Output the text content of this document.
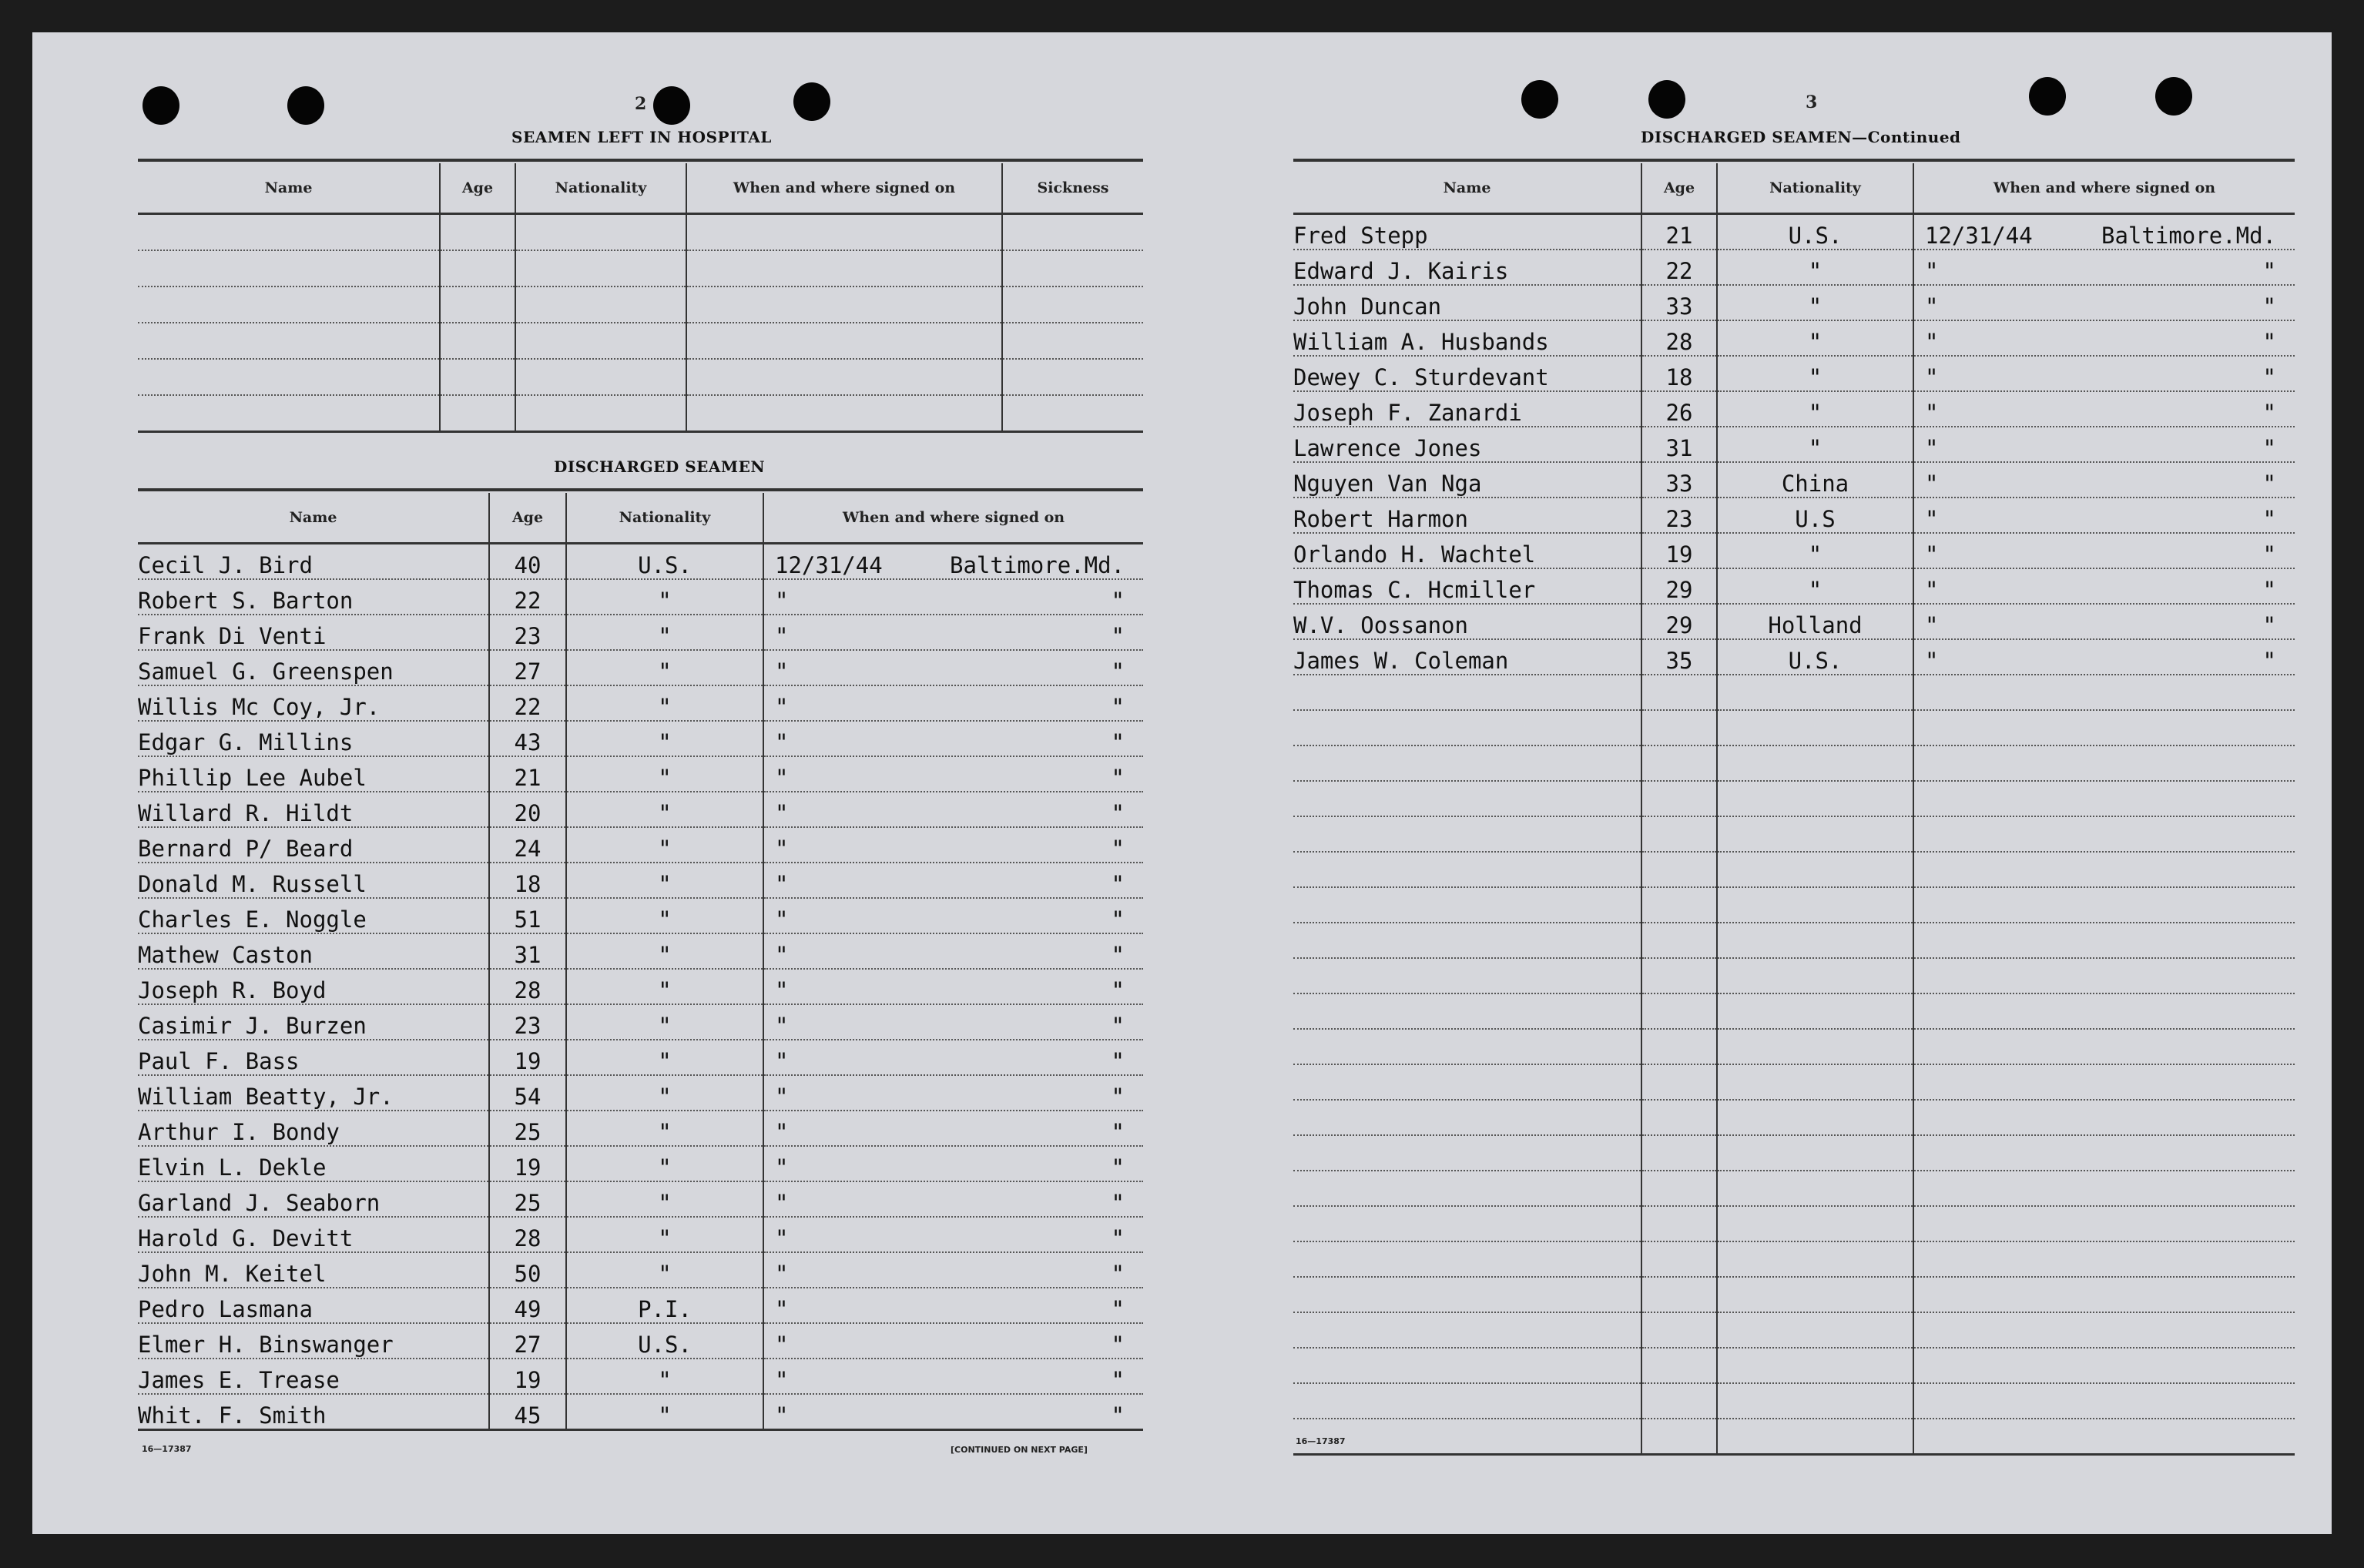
2
SEAMEN LEFT IN HOSPITAL
Name	Age	Nationality	When and where signed on	Sickness

DISCHARGED SEAMEN
Name	Age	Nationality	When and where signed on
Cecil J. Bird	40	U.S.	12/31/44 Baltimore.Md.

Robert S. Barton	22	"	" "

Frank Di Venti	23	"	" "

Samuel G. Greenspen	27	"	" "

Willis Mc Coy, Jr.	22	"	" "

Edgar G. Millins	43	"	" "

Phillip Lee Aubel	21	"	" "

Willard R. Hildt	20	"	" "

Bernard P/ Beard	24	"	" "

Donald M. Russell	18	"	" "

Charles E. Noggle	51	"	" "

Mathew Caston	31	"	" "

Joseph R. Boyd	28	"	" "

Casimir J. Burzen	23	"	" "

Paul F. Bass	19	"	" "

William Beatty, Jr.	54	"	" "

Arthur I. Bondy	25	"	" "

Elvin L. Dekle	19	"	" "

Garland J. Seaborn	25	"	" "

Harold G. Devitt	28	"	" "

John M. Keitel	50	"	" "

Pedro Lasmana	49	P.I.	" "

Elmer H. Binswanger	27	U.S.	" "

James E. Trease	19	"	" "

Whit. F. Smith	45	"	" "
16—17387	[CONTINUED ON NEXT PAGE]
3
DISCHARGED SEAMEN—Continued
Name	Age	Nationality	When and where signed on
Fred Stepp	21	U.S.	12/31/44 Baltimore.Md.

Edward J. Kairis	22	"	" "

John Duncan	33	"	" "

William A. Husbands	28	"	" "

Dewey C. Sturdevant	18	"	" "

Joseph F. Zanardi	26	"	" "

Lawrence Jones	31	"	" "

Nguyen Van Nga	33	China	" "

Robert Harmon	23	U.S	" "

Orlando H. Wachtel	19	"	" "

Thomas C. Hcmiller	29	"	" "

W.V. Oossanon	29	Holland	" "

James W. Coleman	35	U.S.	" "

16—17387
